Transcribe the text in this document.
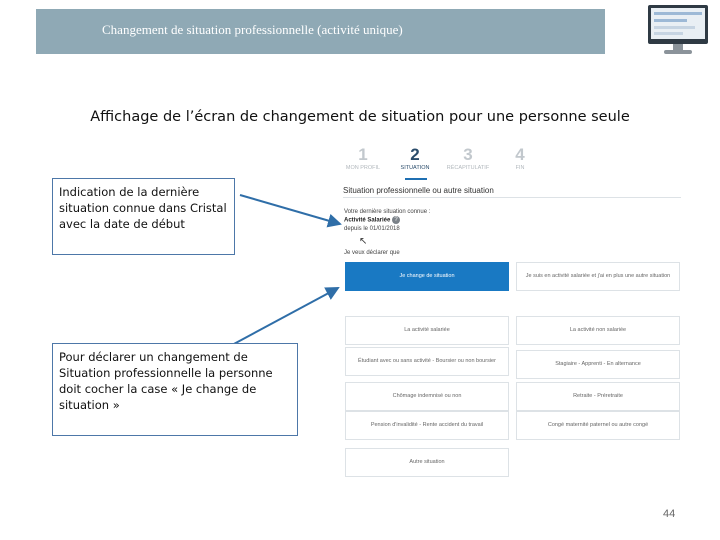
Changement de situation professionnelle (activité unique)
Affichage de l’écran de changement de situation pour une personne seule
1
MON PROFIL
2
SITUATION
3
RÉCAPITULATIF
4
FIN
Situation professionnelle ou autre situation
Votre dernière situation connue :
Activité Salariée ?
depuis le 01/01/2018
↖
Je veux déclarer que
Je change de situation	Je suis en activité salariée et j'ai en plus une autre situation
La activité salariée	La activité non salariée
Étudiant avec ou sans activité - Boursier ou non boursier	Stagiaire - Apprenti - En alternance
Chômage indemnisé ou non	Retraite - Préretraite
Pension d'invalidité - Rente accident du travail	Congé maternité paternel ou autre congé
Autre situation
Indication de la dernière situation connue dans Cristal avec la date de début
Pour déclarer un changement de Situation professionnelle la personne doit cocher la case « Je change de situation »
44
